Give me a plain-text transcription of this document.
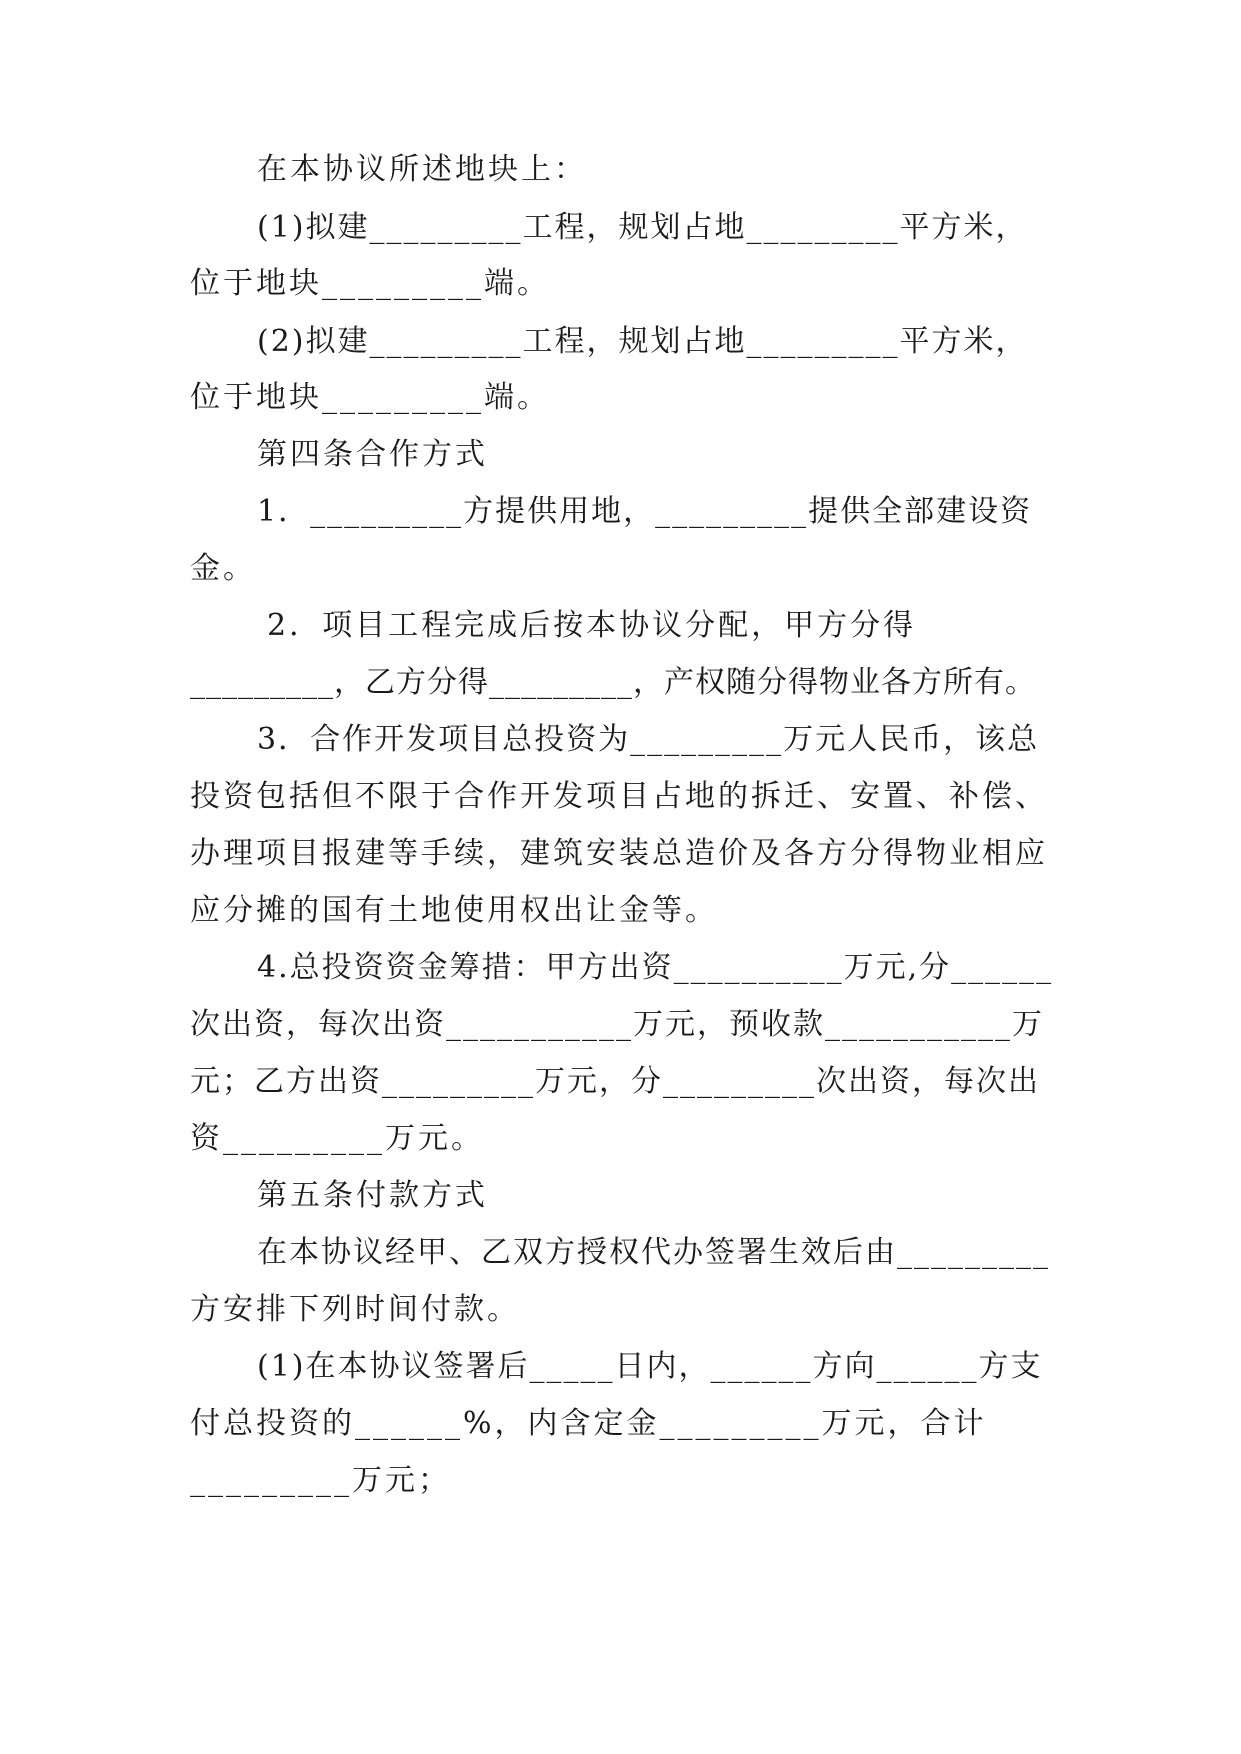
在本协议所述地块上：
(1)拟建_________工程，规划占地_________平方米，
位于地块_________端。
(2)拟建_________工程，规划占地_________平方米，
位于地块_________端。
第四条合作方式
1．_________方提供用地，_________提供全部建设资
金。
2．项目工程完成后按本协议分配，甲方分得
_________，乙方分得_________，产权随分得物业各方所有。
3．合作开发项目总投资为_________万元人民币，该总
投资包括但不限于合作开发项目占地的拆迁、安置、补偿、
办理项目报建等手续，建筑安装总造价及各方分得物业相应
应分摊的国有土地使用权出让金等。
4.总投资资金筹措：甲方出资__________万元,分______
次出资，每次出资___________万元，预收款___________万
元；乙方出资_________万元，分_________次出资，每次出
资_________万元。
第五条付款方式
在本协议经甲、乙双方授权代办签署生效后由_________
方安排下列时间付款。
(1)在本协议签署后_____日内，______方向______方支
付总投资的______%，内含定金_________万元，合计
_________万元；
